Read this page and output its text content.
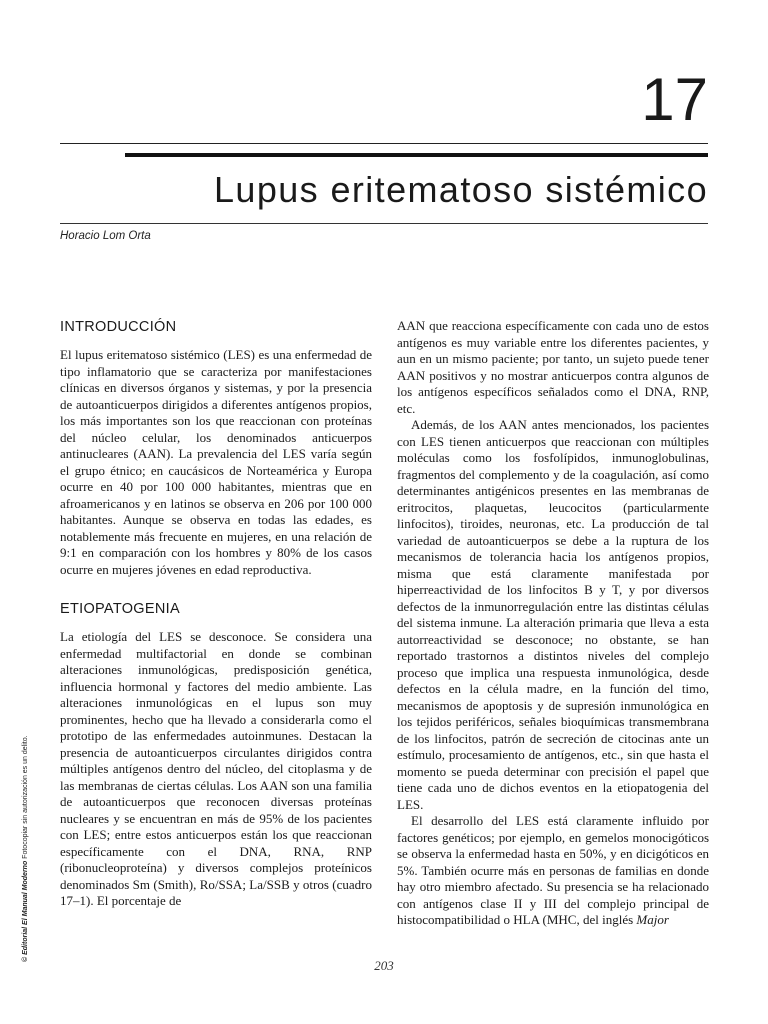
17
Lupus eritematoso sistémico
Horacio Lom Orta
INTRODUCCIÓN

El lupus eritematoso sistémico (LES) es una enfermedad de tipo inflamatorio que se caracteriza por manifestaciones clínicas en diversos órganos y sistemas, y por la presencia de autoanticuerpos dirigidos a diferentes antígenos propios, los más importantes son los que reaccionan con proteínas del núcleo celular, los denominados anticuerpos antinucleares (AAN). La prevalencia del LES varía según el grupo étnico; en caucásicos de Norteamérica y Europa ocurre en 40 por 100 000 habitantes, mientras que en afroamericanos y en latinos se observa en 206 por 100 000 habitantes. Aunque se observa en todas las edades, es notablemente más frecuente en mujeres, en una relación de 9:1 en comparación con los hombres y 80% de los casos ocurre en mujeres jóvenes en edad reproductiva.

ETIOPATOGENIA

La etiología del LES se desconoce. Se considera una enfermedad multifactorial en donde se combinan alteraciones inmunológicas, predisposición genética, influencia hormonal y factores del medio ambiente. Las alteraciones inmunológicas en el lupus son muy prominentes, hecho que ha llevado a considerarla como el prototipo de las enfermedades autoinmunes. Destacan la presencia de autoanticuerpos circulantes dirigidos contra múltiples antígenos dentro del núcleo, del citoplasma y de las membranas de ciertas células. Los AAN son una familia de autoanticuerpos que reconocen diversas proteínas nucleares y se encuentran en más de 95% de los pacientes con LES; entre estos anticuerpos están los que reaccionan específicamente con el DNA, RNA, RNP (ribonucleoproteína) y diversos complejos proteínicos denominados Sm (Smith), Ro/SSA; La/SSB y otros (cuadro 17–1). El porcentaje de

AAN que reacciona específicamente con cada uno de estos antígenos es muy variable entre los diferentes pacientes, y aun en un mismo paciente; por tanto, un sujeto puede tener AAN positivos y no mostrar anticuerpos contra algunos de los antígenos específicos señalados como el DNA, RNP, etc.

Además, de los AAN antes mencionados, los pacientes con LES tienen anticuerpos que reaccionan con múltiples moléculas como los fosfolípidos, inmunoglobulinas, fragmentos del complemento y de la coagulación, así como determinantes antigénicos presentes en las membranas de eritrocitos, plaquetas, leucocitos (particularmente linfocitos), tiroides, neuronas, etc. La producción de tal variedad de autoanticuerpos se debe a la ruptura de los mecanismos de tolerancia hacia los antígenos propios, misma que está claramente manifestada por hiperreactividad de los linfocitos B y T, y por diversos defectos de la inmunorregulación entre las distintas células del sistema inmune. La alteración primaria que lleva a esta autorreactividad se desconoce; no obstante, se han reportado trastornos a distintos niveles del complejo proceso que implica una respuesta inmunológica, desde defectos en la célula madre, en la función del timo, mecanismos de apoptosis y de supresión inmunológica en los tejidos periféricos, señales bioquímicas transmembrana de los linfocitos, patrón de secreción de citocinas ante un estímulo, procesamiento de antígenos, etc., sin que hasta el momento se pueda determinar con precisión el papel que tiene cada uno de dichos eventos en la etiopatogenia del LES.

El desarrollo del LES está claramente influido por factores genéticos; por ejemplo, en gemelos monocigóticos se observa la enfermedad hasta en 50%, y en dicigóticos en 5%. También ocurre más en personas de familias en donde hay otro miembro afectado. Su presencia se ha relacionado con antígenos clase II y III del complejo principal de histocompatibilidad o HLA (MHC, del inglés Major

© Editorial El Manual Moderno Fotocopiar sin autorización es un delito.
203
